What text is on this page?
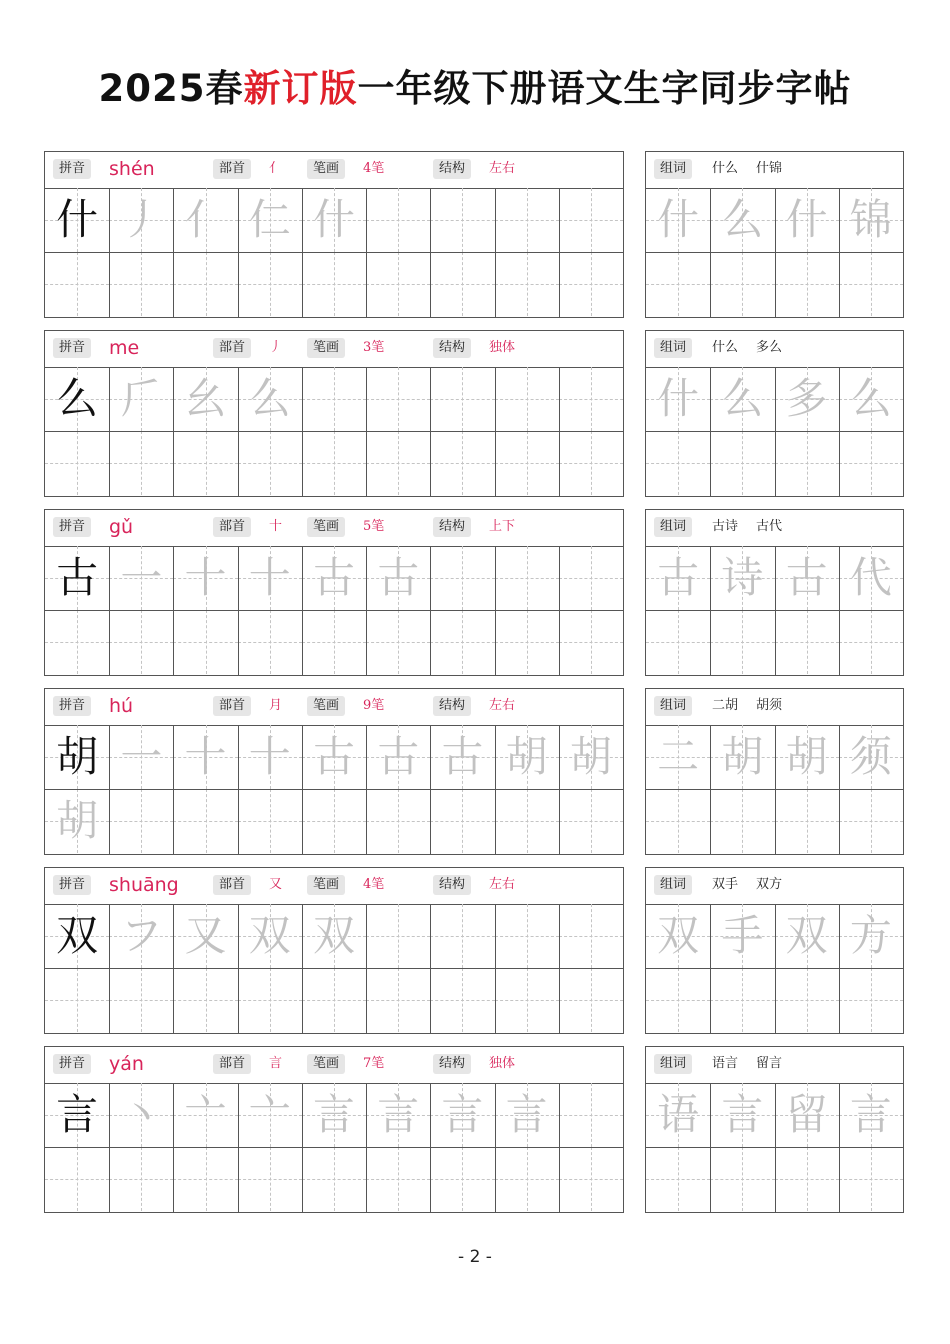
2025春新订版一年级下册语文生字同步字帖
拼音	shén	部首	亻	笔画	4笔	结构	左右
什 丿 亻 仁 什
组词	什么 什锦
什 么 什 锦
拼音	me	部首	丿	笔画	3笔	结构	独体
么 𠂆 幺 么
组词	什么 多么
什 么 多 么
拼音	gǔ	部首	十	笔画	5笔	结构	上下
古 一 十 十 古 古
组词	古诗 古代
古 诗 古 代
拼音	hú	部首	月	笔画	9笔	结构	左右
胡 一 十 十 古 古 古 胡 胡
胡
组词	二胡 胡须
二 胡 胡 须
拼音	shuāng	部首	又	笔画	4笔	结构	左右
双 フ 又 双 双
组词	双手 双方
双 手 双 方
拼音	yán	部首	言	笔画	7笔	结构	独体
言 丶 亠 亠 言 言 言 言
组词	语言 留言
语 言 留 言
- 2 -
